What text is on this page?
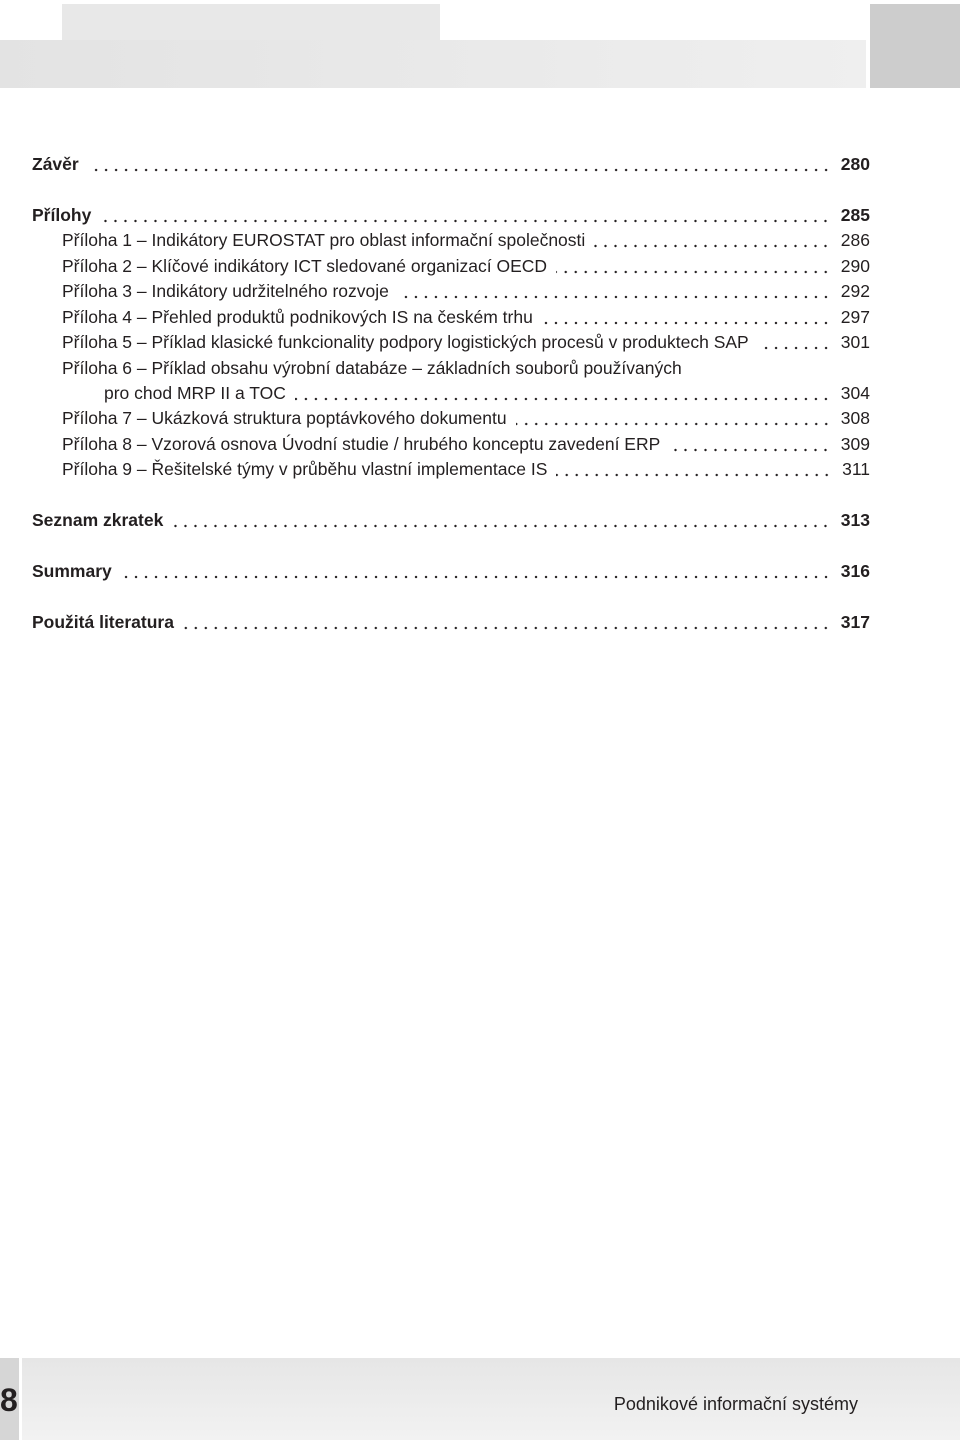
Závěr	280
Přílohy	285
Příloha 1 – Indikátory EUROSTAT pro oblast informační společnosti	286
Příloha 2 – Klíčové indikátory ICT sledované organizací OECD	290
Příloha 3 – Indikátory udržitelného rozvoje	292
Příloha 4 – Přehled produktů podnikových IS na českém trhu	297
Příloha 5 – Příklad klasické funkcionality podpory logistických procesů v produktech SAP	301
Příloha 6 – Příklad obsahu výrobní databáze – základních souborů používaných
pro chod MRP II a TOC	304
Příloha 7 – Ukázková struktura poptávkového dokumentu	308
Příloha 8 – Vzorová osnova Úvodní studie / hrubého konceptu zavedení ERP	309
Příloha 9 – Řešitelské týmy v průběhu vlastní implementace IS	311
Seznam zkratek	313
Summary	316
Použitá literatura	317
8	Podnikové informační systémy
